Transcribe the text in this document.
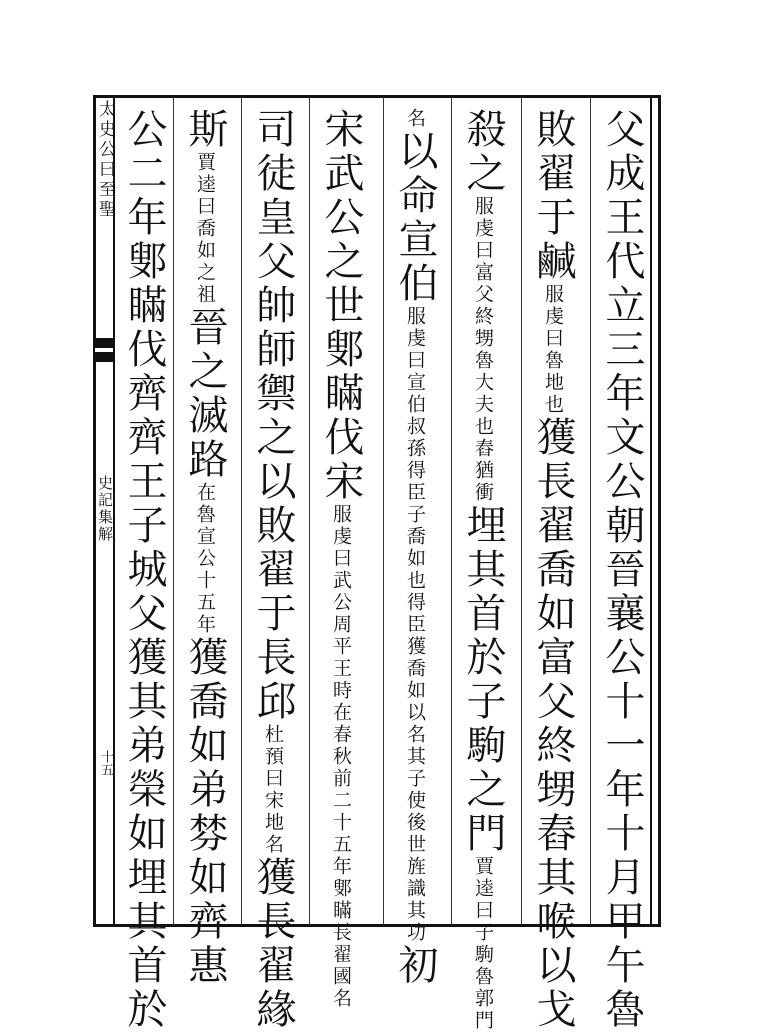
太史公曰至聖
史記集解
十五	父成王代立三年文公朝晉襄公十一年十月甲午魯
敗翟于鹹服虔曰魯地也獲長翟喬如富父終甥舂其喉以戈
殺之服虔曰富父終甥魯大夫也舂猶衝埋其首於子駒之門賈逵曰子駒魯郭門
名以命宣伯服虔曰宣伯叔孫得臣子喬如也得臣獲喬如以名其子使後世旌識其功初
宋武公之世鄋瞞伐宋服虔曰武公周平王時在春秋前二十五年鄋瞞長翟國名
司徒皇父帥師禦之以敗翟于長邱杜預曰宋地名獲長翟緣
斯賈逵曰喬如之祖晉之滅路在魯宣公十五年獲喬如弟棼如齊惠
公二年鄋瞞伐齊齊王子城父獲其弟榮如埋其首於
